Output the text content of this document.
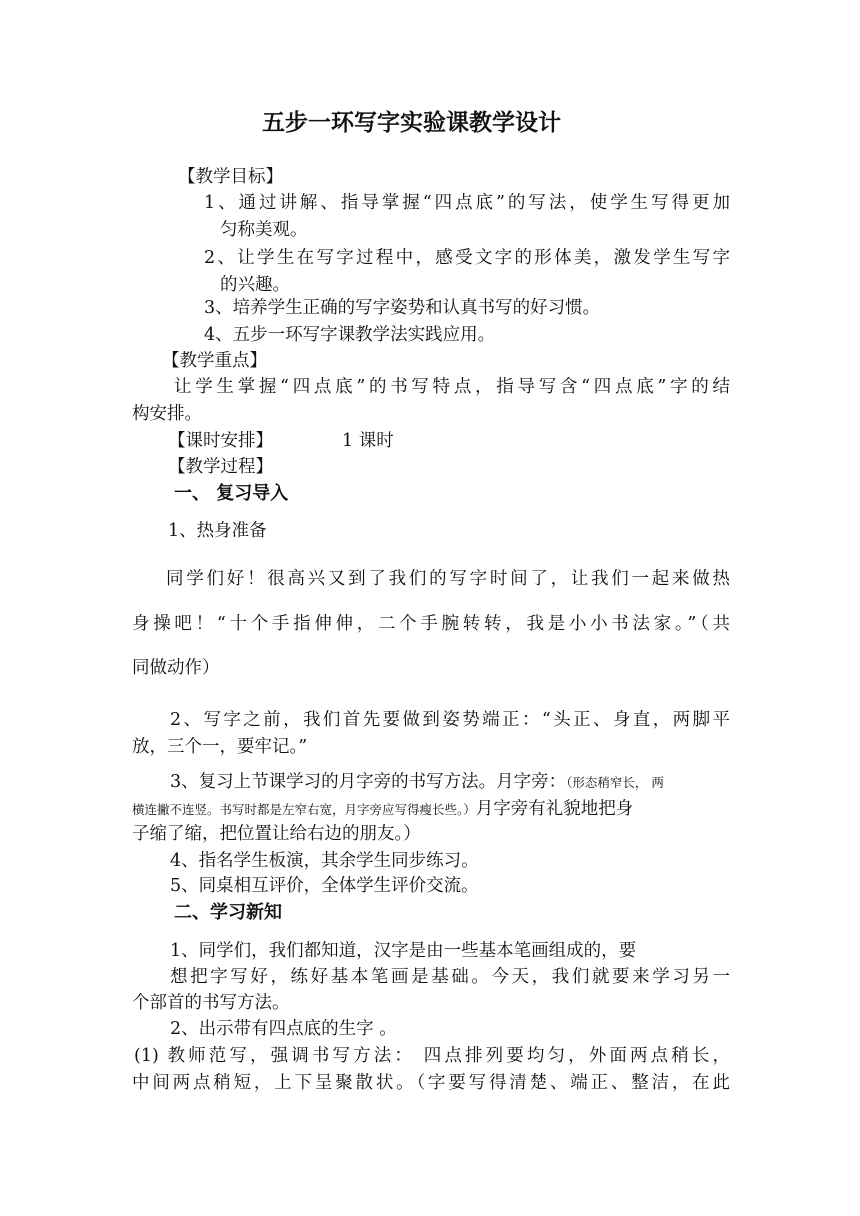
五步一环写字实验课教学设计
【教学目标】
1、通过讲解、指导掌握“四点底”的写法，使学生写得更加
匀称美观。
2、让学生在写字过程中，感受文字的形体美，激发学生写字
的兴趣。
3、培养学生正确的写字姿势和认真书写的好习惯。
4、五步一环写字课教学法实践应用。
【教学重点】
让学生掌握“四点底”的书写特点，指导写含“四点底”字的结
构安排。
【课时安排】	1 课时
【教学过程】
一、 复习导入
1、热身准备
同学们好！很高兴又到了我们的写字时间了，让我们一起来做热
身操吧！“十个手指伸伸，二个手腕转转，我是小小书法家。”（共
同做动作）
2、写字之前，我们首先要做到姿势端正：“头正、身直，两脚平
放，三个一，要牢记。”
3、复习上节课学习的月字旁的书写方法。月字旁：（形态稍窄长， 两
横连撇不连竖。书写时都是左窄右宽，月字旁应写得瘦长些。）月字旁有礼貌地把身
子缩了缩，把位置让给右边的朋友。）
4、指名学生板演，其余学生同步练习。
5、同桌相互评价，全体学生评价交流。
二、学习新知
1、同学们，我们都知道，汉字是由一些基本笔画组成的，要
想把字写好，练好基本笔画是基础。今天，我们就要来学习另一
个部首的书写方法。
2、出示带有四点底的生字 。
(1) 教师范写，强调书写方法： 四点排列要均匀，外面两点稍长，
中间两点稍短，上下呈聚散状。（字要写得清楚、端正、整洁，在此
